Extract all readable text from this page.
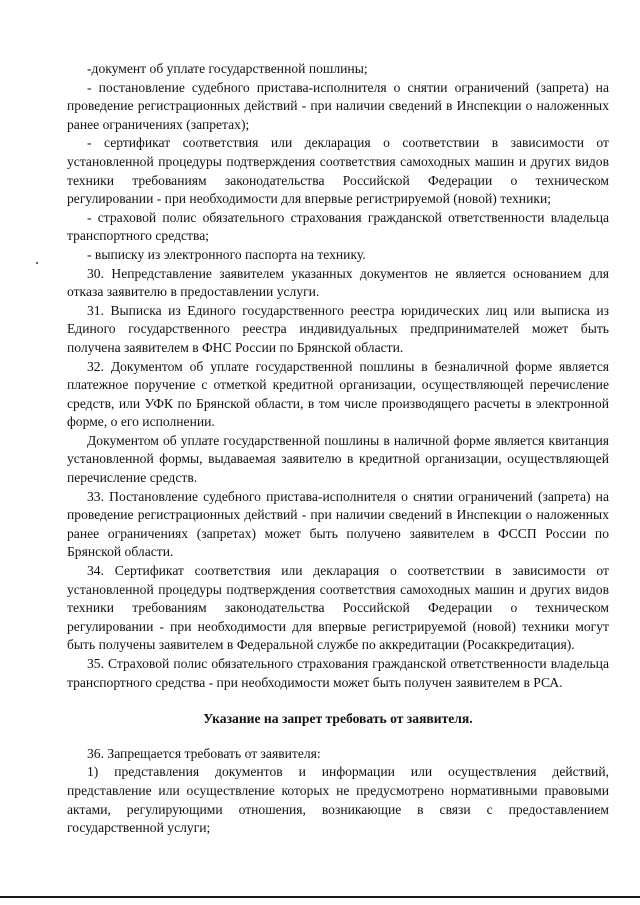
-документ об уплате государственной пошлины;

- постановление судебного пристава-исполнителя о снятии ограничений (запрета) на проведение регистрационных действий - при наличии сведений в Инспекции о наложенных ранее ограничениях (запретах);

- сертификат соответствия или декларация о соответствии в зависимости от установленной процедуры подтверждения соответствия самоходных машин и других видов техники требованиям законодательства Российской Федерации о техническом регулировании - при необходимости для впервые регистрируемой (новой) техники;

- страховой полис обязательного страхования гражданской ответственности владельца транспортного средства;

- выписку из электронного паспорта на технику.

30. Непредставление заявителем указанных документов не является основанием для отказа заявителю в предоставлении услуги.

31. Выписка из Единого государственного реестра юридических лиц или выписка из Единого государственного реестра индивидуальных предпринимателей может быть получена заявителем в ФНС России по Брянской области.

32. Документом об уплате государственной пошлины в безналичной форме является платежное поручение с отметкой кредитной организации, осуществляющей перечисление средств, или УФК по Брянской области, в том числе производящего расчеты в электронной форме, о его исполнении.

Документом об уплате государственной пошлины в наличной форме является квитанция установленной формы, выдаваемая заявителю в кредитной организации, осуществляющей перечисление средств.

33. Постановление судебного пристава-исполнителя о снятии ограничений (запрета) на проведение регистрационных действий - при наличии сведений в Инспекции о наложенных ранее ограничениях (запретах) может быть получено заявителем в ФССП России по Брянской области.

34. Сертификат соответствия или декларация о соответствии в зависимости от установленной процедуры подтверждения соответствия самоходных машин и других видов техники требованиям законодательства Российской Федерации о техническом регулировании - при необходимости для впервые регистрируемой (новой) техники могут быть получены заявителем в Федеральной службе по аккредитации (Росаккредитация).

35. Страховой полис обязательного страхования гражданской ответственности владельца транспортного средства - при необходимости может быть получен заявителем в РСА.

Указание на запрет требовать от заявителя.

36. Запрещается требовать от заявителя:

1) представления документов и информации или осуществления действий, представление или осуществление которых не предусмотрено нормативными правовыми актами, регулирующими отношения, возникающие в связи с предоставлением государственной услуги;
